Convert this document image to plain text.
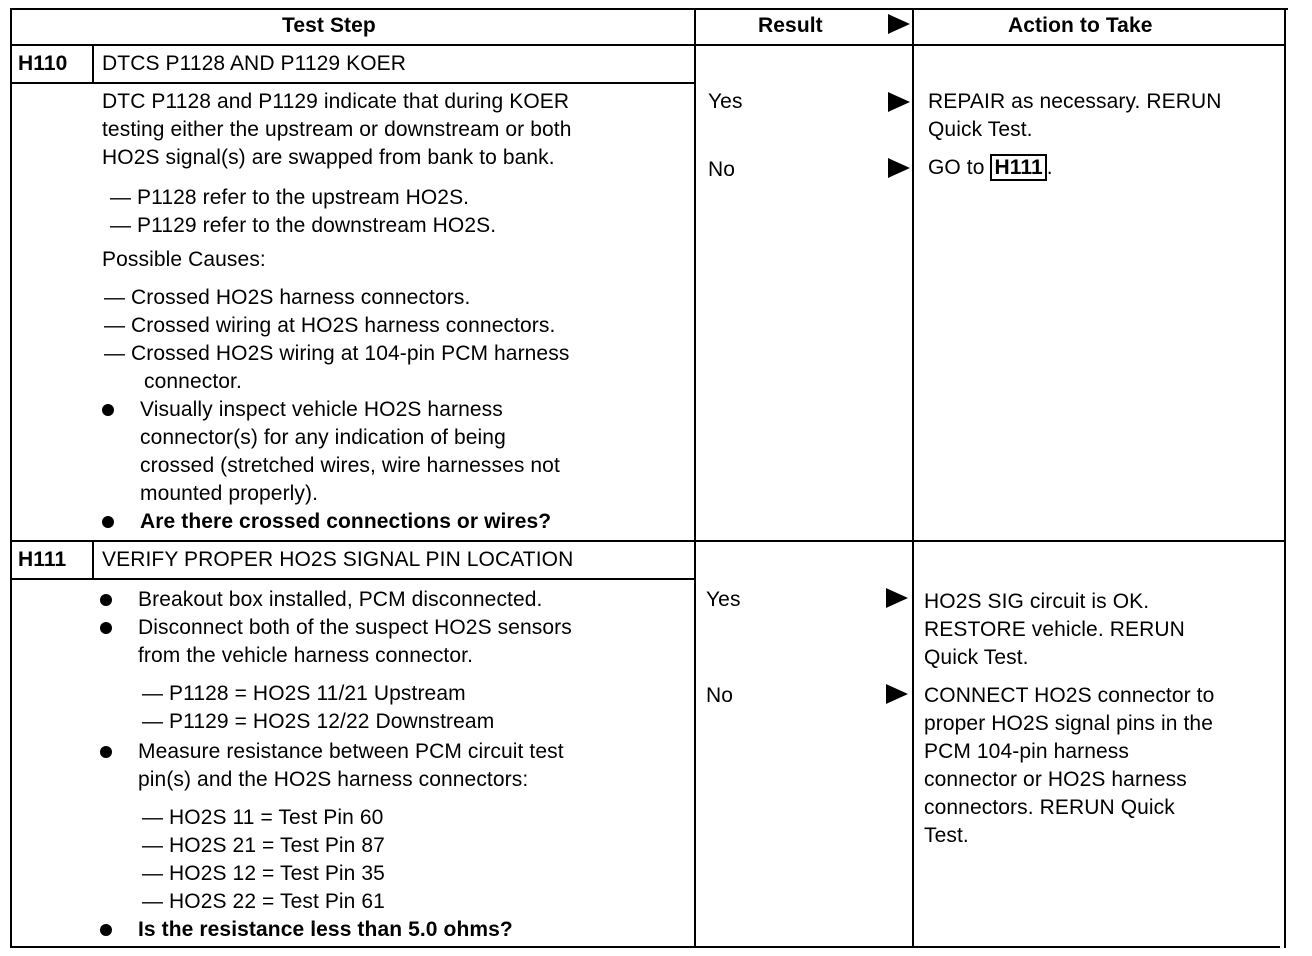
Test Step	Result	Action to Take
H110 DTCS P1128 AND P1129 KOER
DTC P1128 and P1129 indicate that during KOER
testing either the upstream or downstream or both
HO2S signal(s) are swapped from bank to bank.
— P1128 refer to the upstream HO2S.
— P1129 refer to the downstream HO2S.
Possible Causes:
— Crossed HO2S harness connectors.
— Crossed wiring at HO2S harness connectors.
— Crossed HO2S wiring at 104-pin PCM harness
connector.
Visually inspect vehicle HO2S harness
connector(s) for any indication of being
crossed (stretched wires, wire harnesses not
mounted properly).
Are there crossed connections or wires?
Yes
No
REPAIR as necessary. RERUN
Quick Test.
GO to H111 .
H111 VERIFY PROPER HO2S SIGNAL PIN LOCATION
Breakout box installed, PCM disconnected.
Disconnect both of the suspect HO2S sensors
from the vehicle harness connector.
— P1128 = HO2S 11/21 Upstream
— P1129 = HO2S 12/22 Downstream
Measure resistance between PCM circuit test
pin(s) and the HO2S harness connectors:
— HO2S 11 = Test Pin 60
— HO2S 21 = Test Pin 87
— HO2S 12 = Test Pin 35
— HO2S 22 = Test Pin 61
Is the resistance less than 5.0 ohms?
Yes
No
HO2S SIG circuit is OK.
RESTORE vehicle. RERUN
Quick Test.
CONNECT HO2S connector to
proper HO2S signal pins in the
PCM 104-pin harness
connector or HO2S harness
connectors. RERUN Quick
Test.
